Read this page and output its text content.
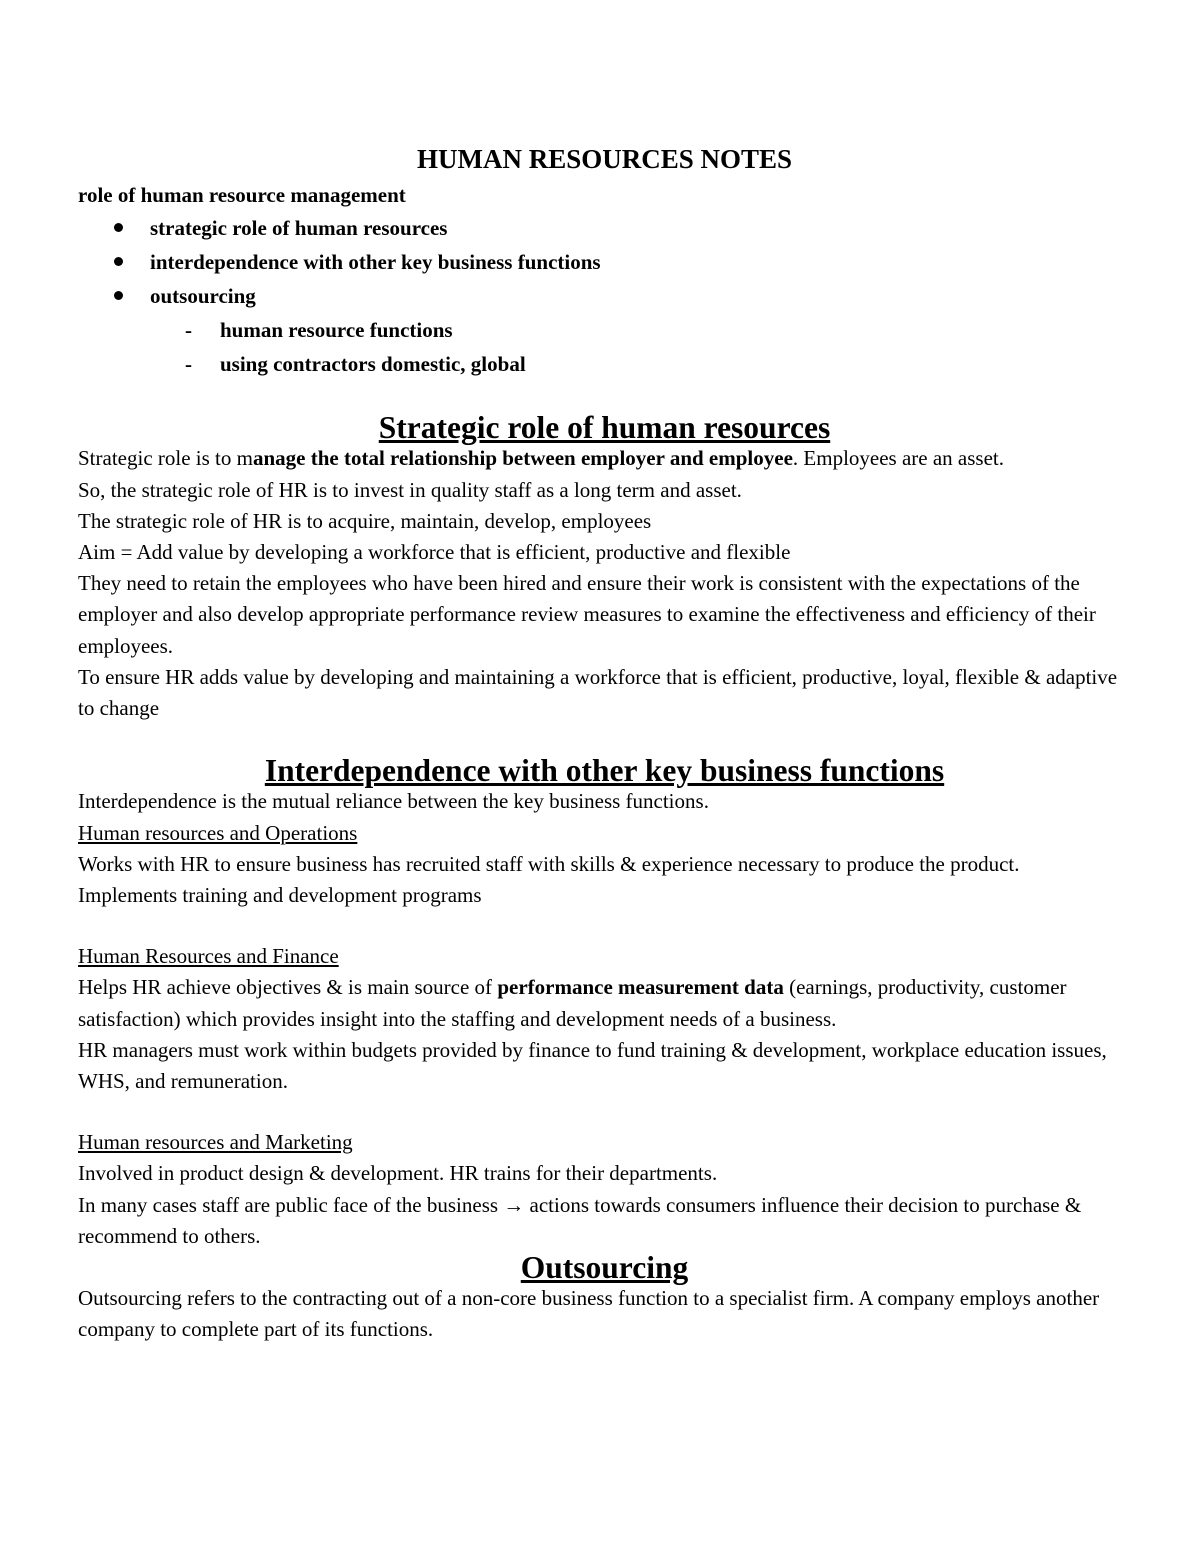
HUMAN RESOURCES NOTES

role of human resource management

strategic role of human resources
interdependence with other key business functions
outsourcing
- human resource functions
- using contractors domestic, global
Strategic role of human resources

Strategic role is to manage the total relationship between employer and employee. Employees are an asset.

So, the strategic role of HR is to invest in quality staff as a long term and asset.

The strategic role of HR is to acquire, maintain, develop, employees

Aim = Add value by developing a workforce that is efficient, productive and flexible

They need to retain the employees who have been hired and ensure their work is consistent with the expectations of the employer and also develop appropriate performance review measures to examine the effectiveness and efficiency of their employees.

To ensure HR adds value by developing and maintaining a workforce that is efficient, productive, loyal, flexible & adaptive to change

Interdependence with other key business functions

Interdependence is the mutual reliance between the key business functions.

Human resources and Operations

Works with HR to ensure business has recruited staff with skills & experience necessary to produce the product.

Implements training and development programs

Human Resources and Finance

Helps HR achieve objectives & is main source of performance measurement data (earnings, productivity, customer satisfaction) which provides insight into the staffing and development needs of a business.

HR managers must work within budgets provided by finance to fund training & development, workplace education issues, WHS, and remuneration.

Human resources and Marketing

Involved in product design & development. HR trains for their departments.

In many cases staff are public face of the business → actions towards consumers influence their decision to purchase & recommend to others.

Outsourcing

Outsourcing refers to the contracting out of a non-core business function to a specialist firm. A company employs another company to complete part of its functions.
